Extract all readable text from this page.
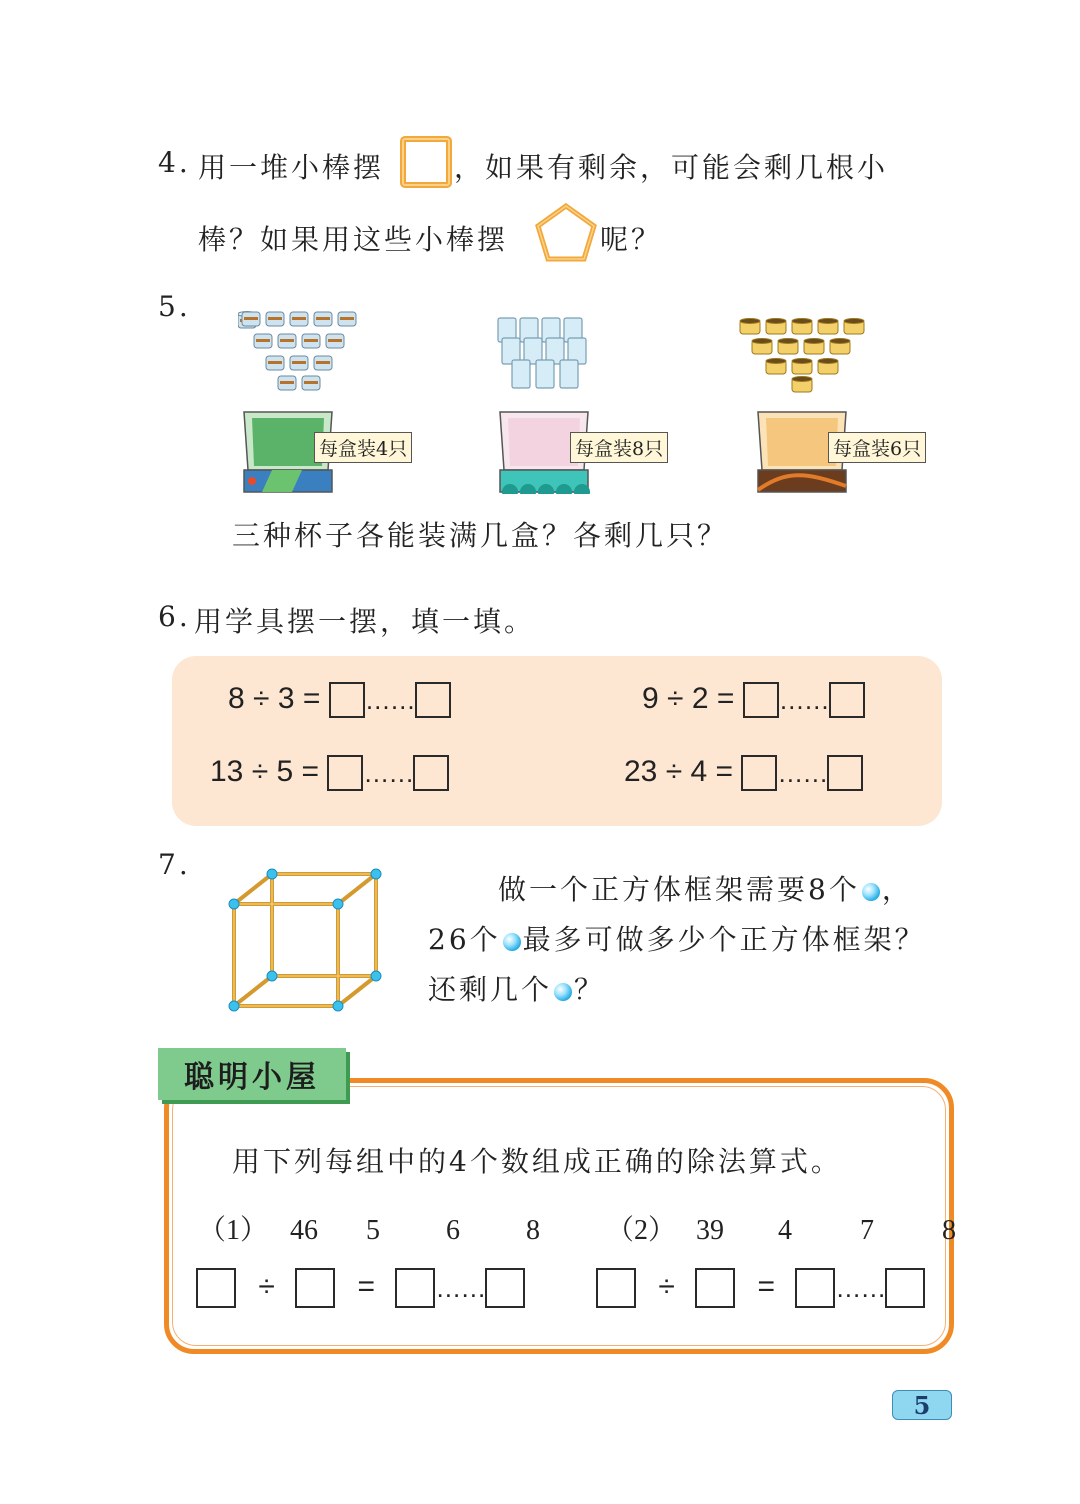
4. 用一堆小棒摆 ，如果有剩余，可能会剩几根小
棒？如果用这些小棒摆	呢？
5.
每盒装4只	每盒装8只	每盒装6只
三种杯子各能装满几盒？各剩几只？
6. 用学具摆一摆，填一填。
8 ÷ 3 = ……	9 ÷ 2 = ……
13 ÷ 5 = ……	23 ÷ 4 = ……
7.
做一个正方体框架需要8个 ，
26个 最多可做多少个正方体框架？
还剩几个 ？
聪明小屋
用下列每组中的4个数组成正确的除法算式。
（1） 46 5 6 8 （2） 39 4 7 8
÷	= ……	÷	= ……
5
